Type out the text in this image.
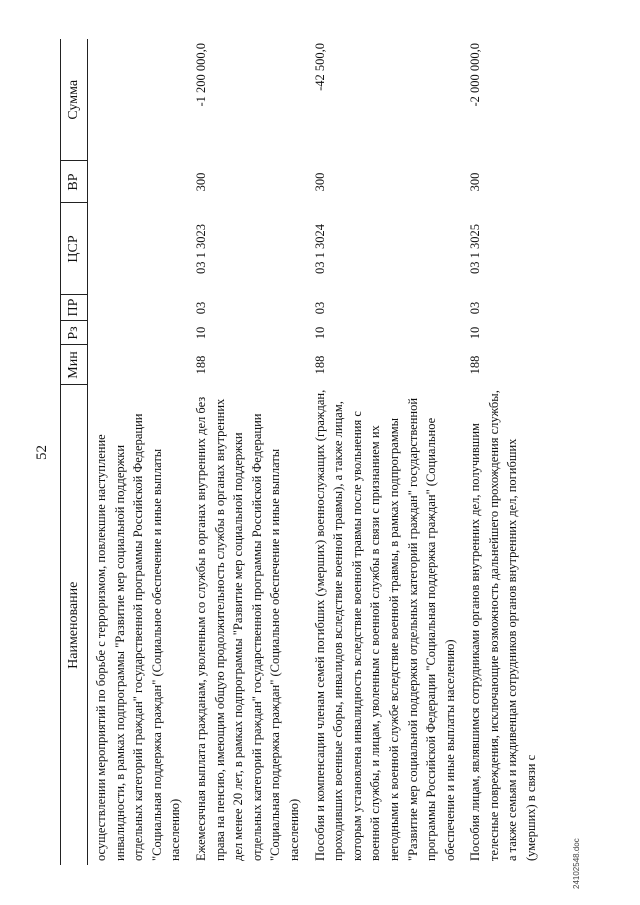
52
Наименование	Мин	Рз	ПР	ЦСР	ВР	Сумма
осуществлении мероприятий по борьбе с терроризмом, повлекшие наступление инвалидности, в рамках подпрограммы "Развитие мер социальной поддержки отдельных категорий граждан" государственной программы Российской Федерации "Социальная поддержка граждан" (Социальное обеспечение и иные выплаты населению)						
Ежемесячная выплата гражданам, уволенным со службы в органах внутренних дел без права на пенсию, имеющим общую продолжительность службы в органах внутренних дел менее 20 лет, в рамках подпрограммы "Развитие мер социальной поддержки отдельных категорий граждан" государственной программы Российской Федерации "Социальная поддержка граждан" (Социальное обеспечение и иные выплаты населению)	188	10	03	03 1 3023	300	-1 200 000,0
Пособия и компенсации членам семей погибших (умерших) военнослужащих (граждан, проходивших военные сборы, инвалидов вследствие военной травмы), а также лицам, которым установлена инвалидность вследствие военной травмы после увольнения с военной службы, и лицам, уволенным с военной службы в связи с признанием их негодными к военной службе вследствие военной травмы, в рамках подпрограммы "Развитие мер социальной поддержки отдельных категорий граждан" государственной программы Российской Федерации "Социальная поддержка граждан" (Социальное обеспечение и иные выплаты населению)	188	10	03	03 1 3024	300	-42 500,0
Пособия лицам, являвшимся сотрудниками органов внутренних дел, получившим телесные повреждения, исключающие возможность дальнейшего прохождения службы, а также семьям и иждивенцам сотрудников органов внутренних дел, погибших (умерших) в связи с	188	10	03	03 1 3025	300	-2 000 000,0
24102548.doc
